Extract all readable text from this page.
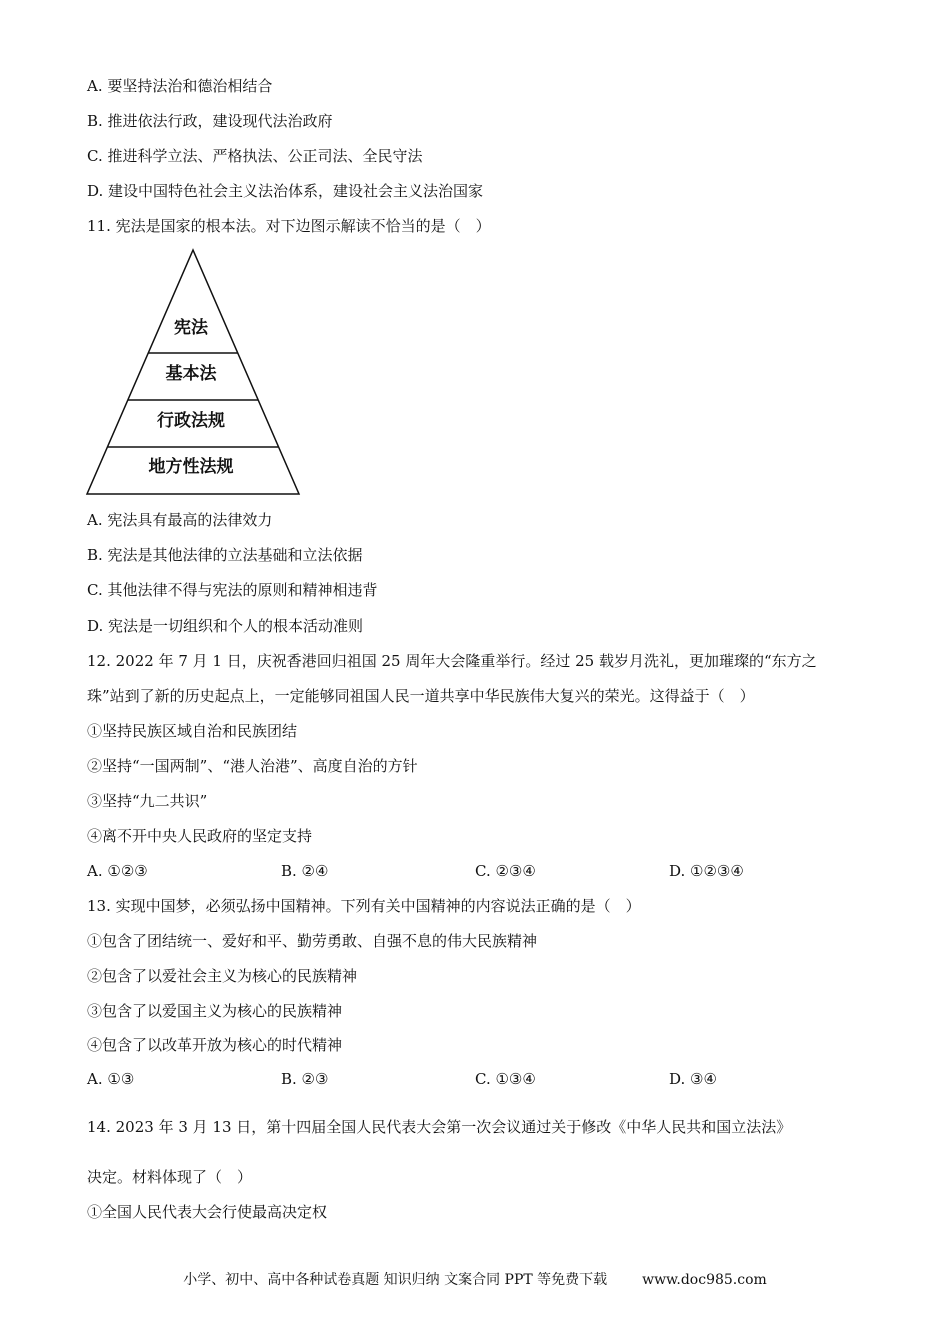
A. 要坚持法治和德治相结合
B. 推进依法行政，建设现代法治政府
C. 推进科学立法、严格执法、公正司法、全民守法
D. 建设中国特色社会主义法治体系，建设社会主义法治国家
11. 宪法是国家的根本法。对下边图示解读不恰当的是（　）
宪法
基本法
行政法规
地方性法规
A. 宪法具有最高的法律效力
B. 宪法是其他法律的立法基础和立法依据
C. 其他法律不得与宪法的原则和精神相违背
D. 宪法是一切组织和个人的根本活动准则
12. 2022 年 7 月 1 日，庆祝香港回归祖国 25 周年大会隆重举行。经过 25 载岁月洗礼，更加璀璨的“东方之
珠”站到了新的历史起点上，一定能够同祖国人民一道共享中华民族伟大复兴的荣光。这得益于（　）
①坚持民族区域自治和民族团结
②坚持“一国两制”、“港人治港”、高度自治的方针
③坚持“九二共识”
④离不开中央人民政府的坚定支持
A. ①②③	B. ②④	C. ②③④	D. ①②③④
13. 实现中国梦，必须弘扬中国精神。下列有关中国精神的内容说法正确的是（　）
①包含了团结统一、爱好和平、勤劳勇敢、自强不息的伟大民族精神
②包含了以爱社会主义为核心的民族精神
③包含了以爱国主义为核心的民族精神
④包含了以改革开放为核心的时代精神
A. ①③	B. ②③	C. ①③④	D. ③④
14. 2023 年 3 月 13 日，第十四届全国人民代表大会第一次会议通过关于修改《中华人民共和国立法法》
决定。材料体现了（　）
①全国人民代表大会行使最高决定权
小学、初中、高中各种试卷真题 知识归纳 文案合同 PPT 等免费下载 www.doc985.com
